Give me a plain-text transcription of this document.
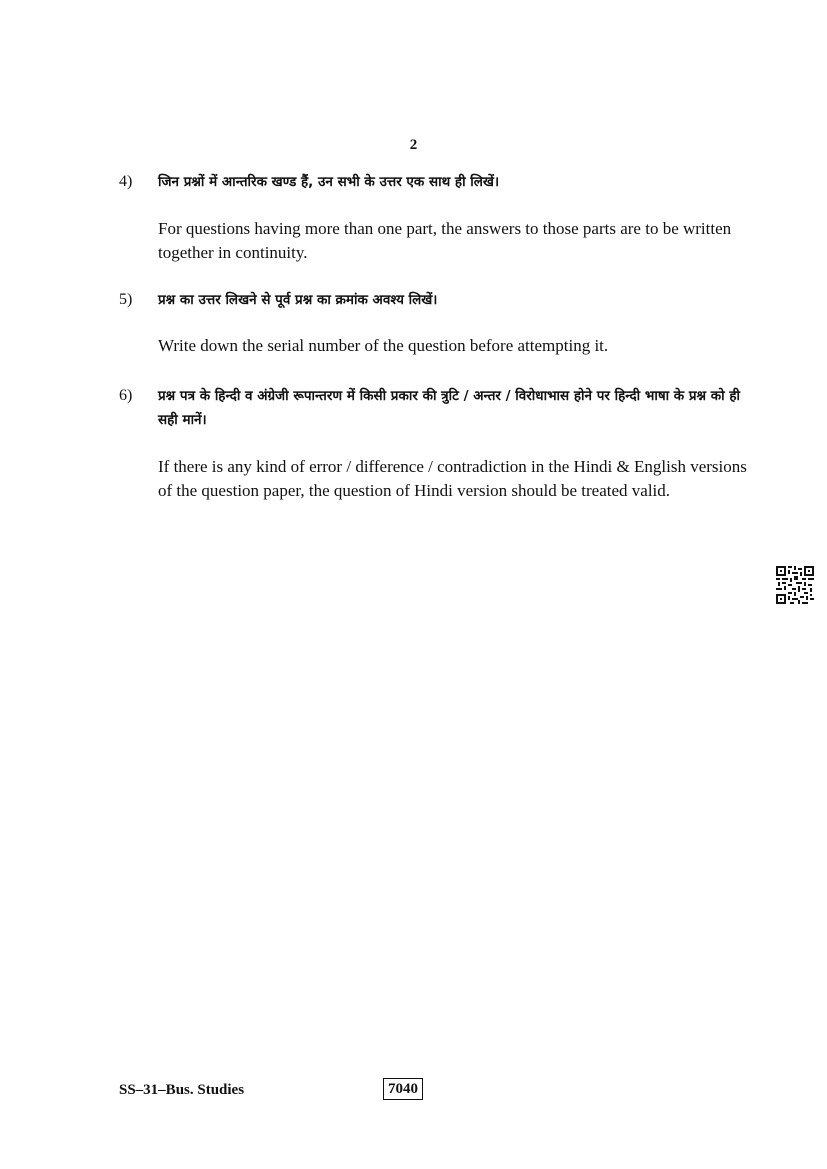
2
4) जिन प्रश्नों में आन्तरिक खण्ड हैं, उन सभी के उत्तर एक साथ ही लिखें।
For questions having more than one part, the answers to those parts are to be written together in continuity.
5) प्रश्न का उत्तर लिखने से पूर्व प्रश्न का क्रमांक अवश्य लिखें।
Write down the serial number of the question before attempting it.
6) प्रश्न पत्र के हिन्दी व अंग्रेजी रूपान्तरण में किसी प्रकार की त्रुटि / अन्तर / विरोधाभास होने पर हिन्दी भाषा के प्रश्न को ही सही मानें।
If there is any kind of error / difference / contradiction in the Hindi & English versions of the question paper, the question of Hindi version should be treated valid.
SS–31–Bus. Studies	7040
